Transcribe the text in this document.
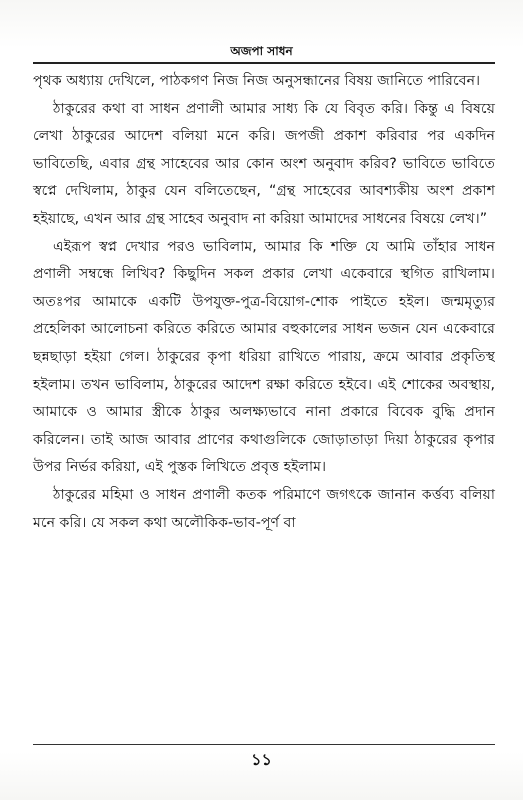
অজপা সাধন

পৃথক অধ্যায় দেখিলে, পাঠকগণ নিজ নিজ অনুসন্ধানের বিষয় জানিতে পারিবেন।

ঠাকুরের কথা বা সাধন প্রণালী আমার সাধ্য কি যে বিবৃত করি। কিন্তু এ বিষয়ে লেখা ঠাকুরের আদেশ বলিয়া মনে করি। জপজী প্রকাশ করিবার পর একদিন ভাবিতেছি, এবার গ্রন্থ সাহেবের আর কোন অংশ অনুবাদ করিব? ভাবিতে ভাবিতে স্বপ্নে দেখিলাম, ঠাকুর যেন বলিতেছেন, “গ্রন্থ সাহেবের আবশ্যকীয় অংশ প্রকাশ হইয়াছে, এখন আর গ্রন্থ সাহেব অনুবাদ না করিয়া আমাদের সাধনের বিষয়ে লেখ।”

এইরূপ স্বপ্ন দেখার পরও ভাবিলাম, আমার কি শক্তি যে আমি তাঁহার সাধন প্রণালী সম্বন্ধে লিখিব? কিছুদিন সকল প্রকার লেখা একেবারে স্থগিত রাখিলাম। অতঃপর আমাকে একটি উপযুক্ত-পুত্র-বিয়োগ-শোক পাইতে হইল। জন্মমৃত্যুর প্রহেলিকা আলোচনা করিতে করিতে আমার বহুকালের সাধন ভজন যেন একেবারে ছন্নছাড়া হইয়া গেল। ঠাকুরের কৃপা ধরিয়া রাখিতে পারায়, ক্রমে আবার প্রকৃতিস্থ হইলাম। তখন ভাবিলাম, ঠাকুরের আদেশ রক্ষা করিতে হইবে। এই শোকের অবস্থায়, আমাকে ও আমার স্ত্রীকে ঠাকুর অলক্ষ্যভাবে নানা প্রকারে বিবেক বুদ্ধি প্রদান করিলেন। তাই আজ আবার প্রাণের কথাগুলিকে জোড়াতাড়া দিয়া ঠাকুরের কৃপার উপর নির্ভর করিয়া, এই পুস্তক লিখিতে প্রবৃত্ত হইলাম।

ঠাকুরের মহিমা ও সাধন প্রণালী কতক পরিমাণে জগৎকে জানান কর্ত্তব্য বলিয়া মনে করি। যে সকল কথা অলৌকিক-ভাব-পূর্ণ বা

১১
